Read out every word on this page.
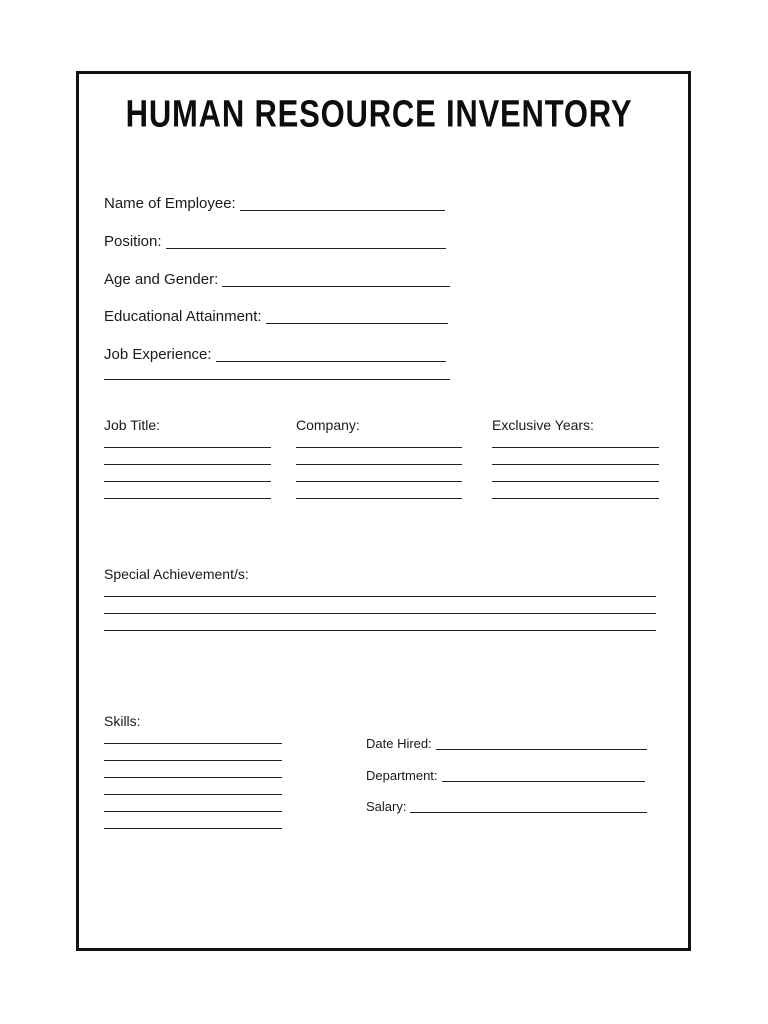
HUMAN RESOURCE INVENTORY
Name of Employee:
Position:
Age and Gender:
Educational Attainment:
Job Experience:
Job Title:	Company:	Exclusive Years:
Special Achievement/s:
Skills:
Date Hired:
Department:
Salary:
